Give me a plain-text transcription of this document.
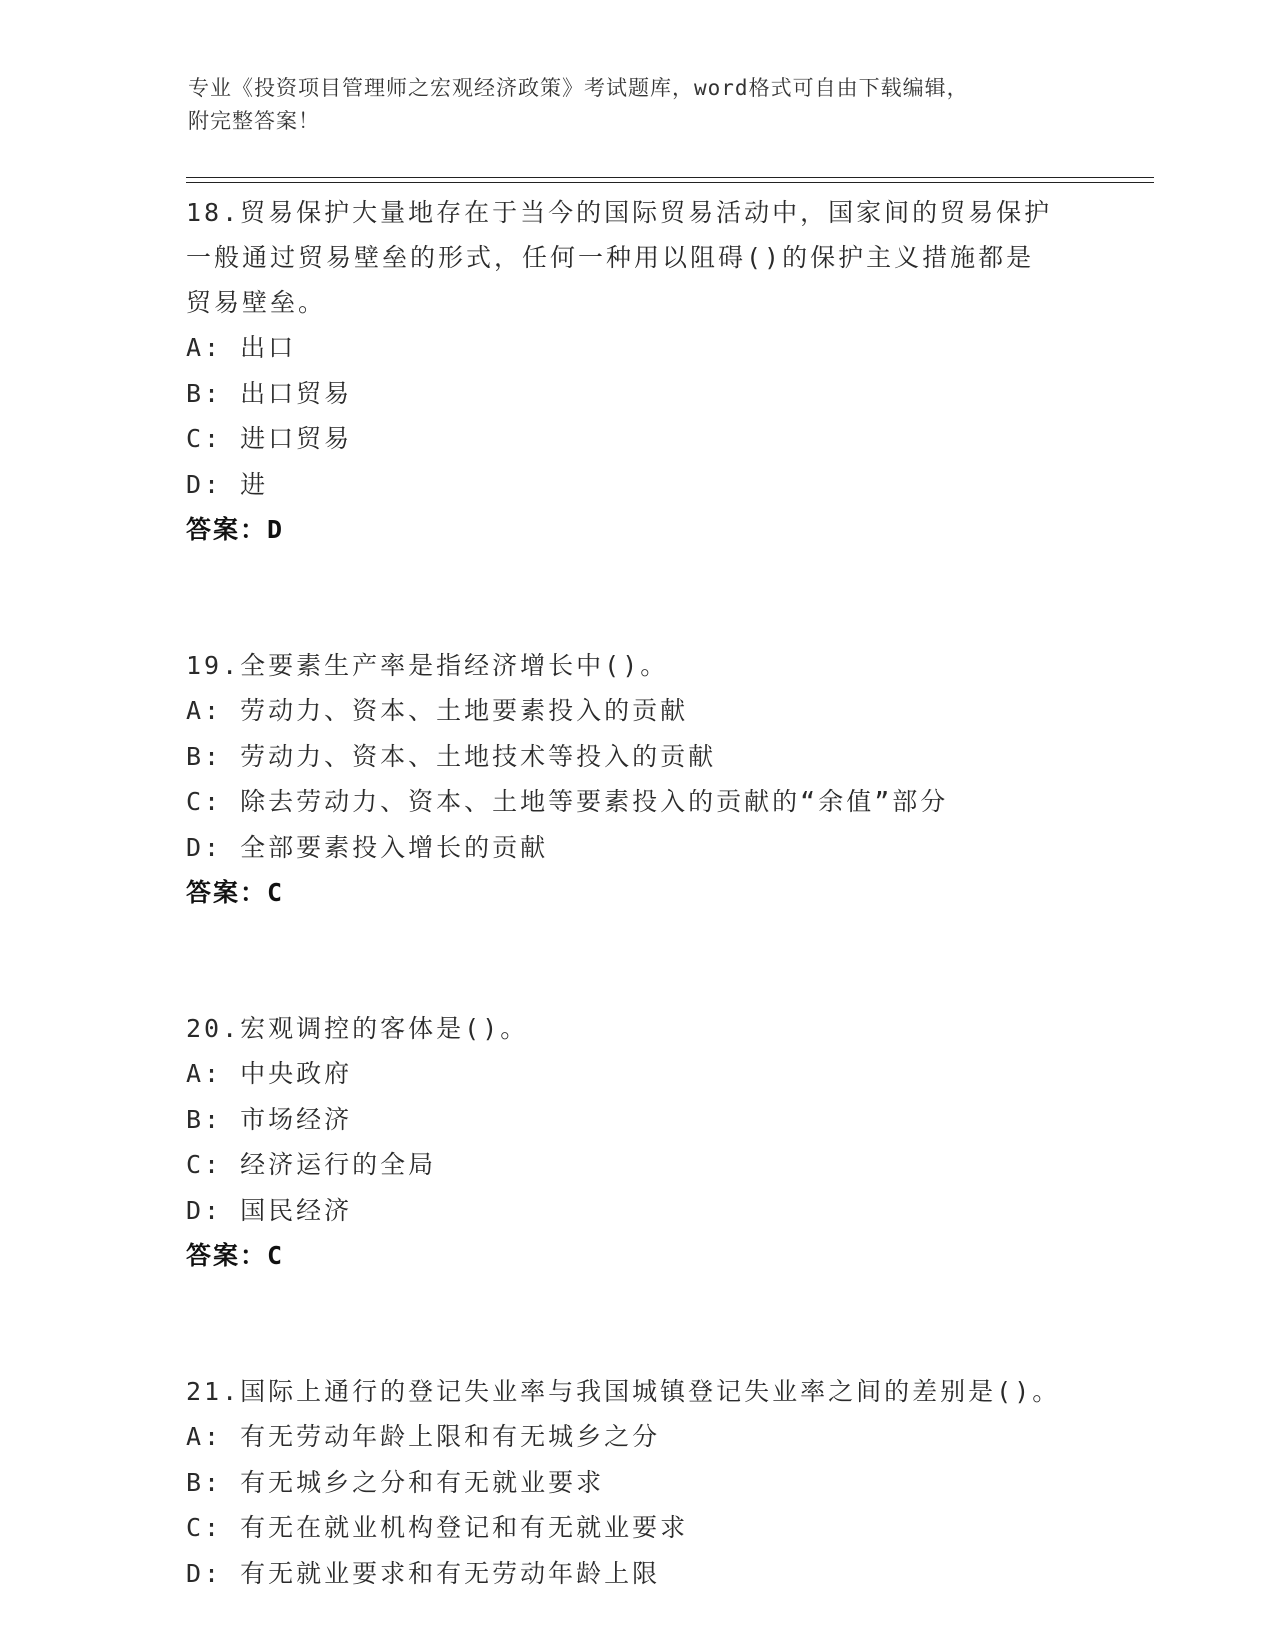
专业《投资项目管理师之宏观经济政策》考试题库，word格式可自由下载编辑，
附完整答案！

18.贸易保护大量地存在于当今的国际贸易活动中，国家间的贸易保护

一般通过贸易壁垒的形式，任何一种用以阻碍()的保护主义措施都是

贸易壁垒。

A: 出口

B: 出口贸易

C: 进口贸易

D: 进

答案：D

19.全要素生产率是指经济增长中()。

A: 劳动力、资本、土地要素投入的贡献

B: 劳动力、资本、土地技术等投入的贡献

C: 除去劳动力、资本、土地等要素投入的贡献的“余值”部分

D: 全部要素投入增长的贡献

答案：C

20.宏观调控的客体是()。

A: 中央政府

B: 市场经济

C: 经济运行的全局

D: 国民经济

答案：C

21.国际上通行的登记失业率与我国城镇登记失业率之间的差别是()。

A: 有无劳动年龄上限和有无城乡之分

B: 有无城乡之分和有无就业要求

C: 有无在就业机构登记和有无就业要求

D: 有无就业要求和有无劳动年龄上限
